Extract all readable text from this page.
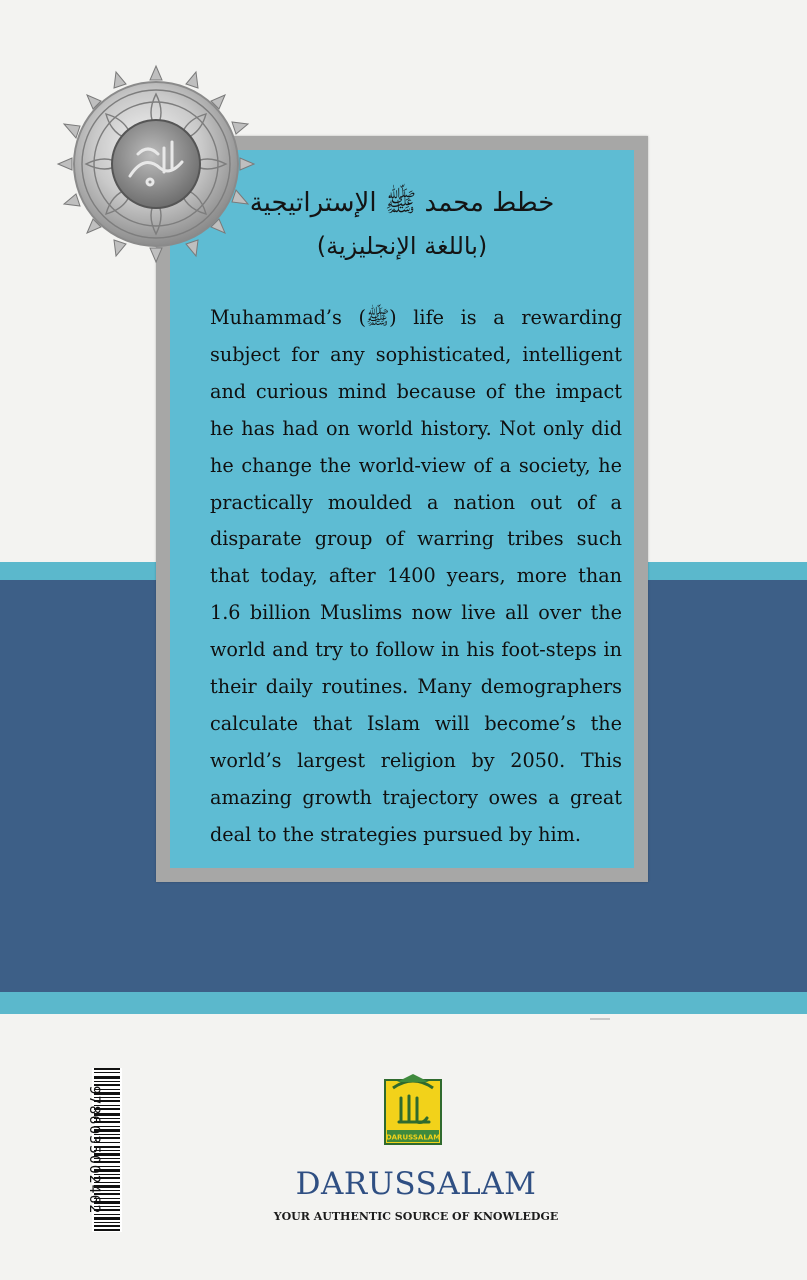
خطط محمد ﷺ الإستراتيجية
(باللغة الإنجليزية)

Muhammad’s (ﷺ) life is a rewarding subject for any sophisticated, intelligent and curious mind because of the impact he has had on world history. Not only did he change the world-view of a society, he practically moulded a nation out of a disparate group of warring tribes such that today, after 1400 years, more than 1.6 billion Muslims now live all over the world and try to follow in his foot-steps in their daily routines. Many demographers calculate that Islam will become’s the world’s largest religion by 2050. This amazing growth trajectory owes a great deal to the strategies pursued by him.

9786035002462	DARUSSALAM
DARUSSALAM
YOUR AUTHENTIC SOURCE OF KNOWLEDGE
